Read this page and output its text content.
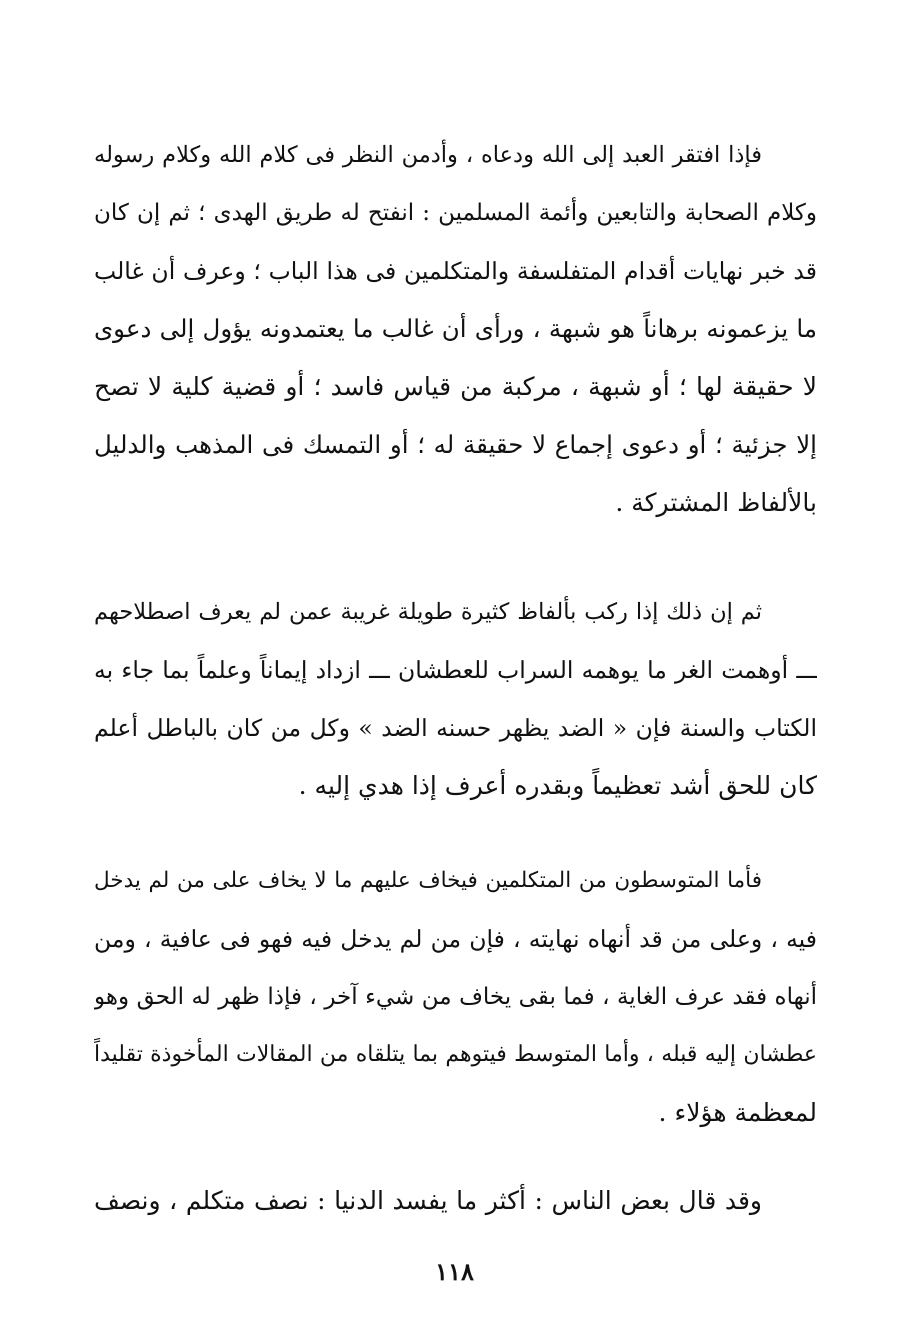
فإذا افتقر العبد إلى الله ودعاه ، وأدمن النظر فى كلام الله وكلام رسوله
وكلام الصحابة والتابعين وأئمة المسلمين : انفتح له طريق الهدى ؛ ثم إن كان
قد خبر نهايات أقدام المتفلسفة والمتكلمين فى هذا الباب ؛ وعرف أن غالب
ما يزعمونه برهاناً هو شبهة ، ورأى أن غالب ما يعتمدونه يؤول إلى دعوى
لا حقيقة لها ؛ أو شبهة ، مركبة من قياس فاسد ؛ أو قضية كلية لا تصح
إلا جزئية ؛ أو دعوى إجماع لا حقيقة له ؛ أو التمسك فى المذهب والدليل
بالألفاظ المشتركة .
ثم إن ذلك إذا ركب بألفاظ كثيرة طويلة غريبة عمن لم يعرف اصطلاحهم
ـــ أوهمت الغر ما يوهمه السراب للعطشان ـــ ازداد إيماناً وعلماً بما جاء به
الكتاب والسنة فإن « الضد يظهر حسنه الضد » وكل من كان بالباطل أعلم
كان للحق أشد تعظيماً وبقدره أعرف إذا هدي إليه .
فأما المتوسطون من المتكلمين فيخاف عليهم ما لا يخاف على من لم يدخل
فيه ، وعلى من قد أنهاه نهايته ، فإن من لم يدخل فيه فهو فى عافية ، ومن
أنهاه فقد عرف الغاية ، فما بقى يخاف من شيء آخر ، فإذا ظهر له الحق وهو
عطشان إليه قبله ، وأما المتوسط فيتوهم بما يتلقاه من المقالات المأخوذة تقليداً
لمعظمة هؤلاء .
وقد قال بعض الناس : أكثر ما يفسد الدنيا : نصف متكلم ، ونصف
١١٨
